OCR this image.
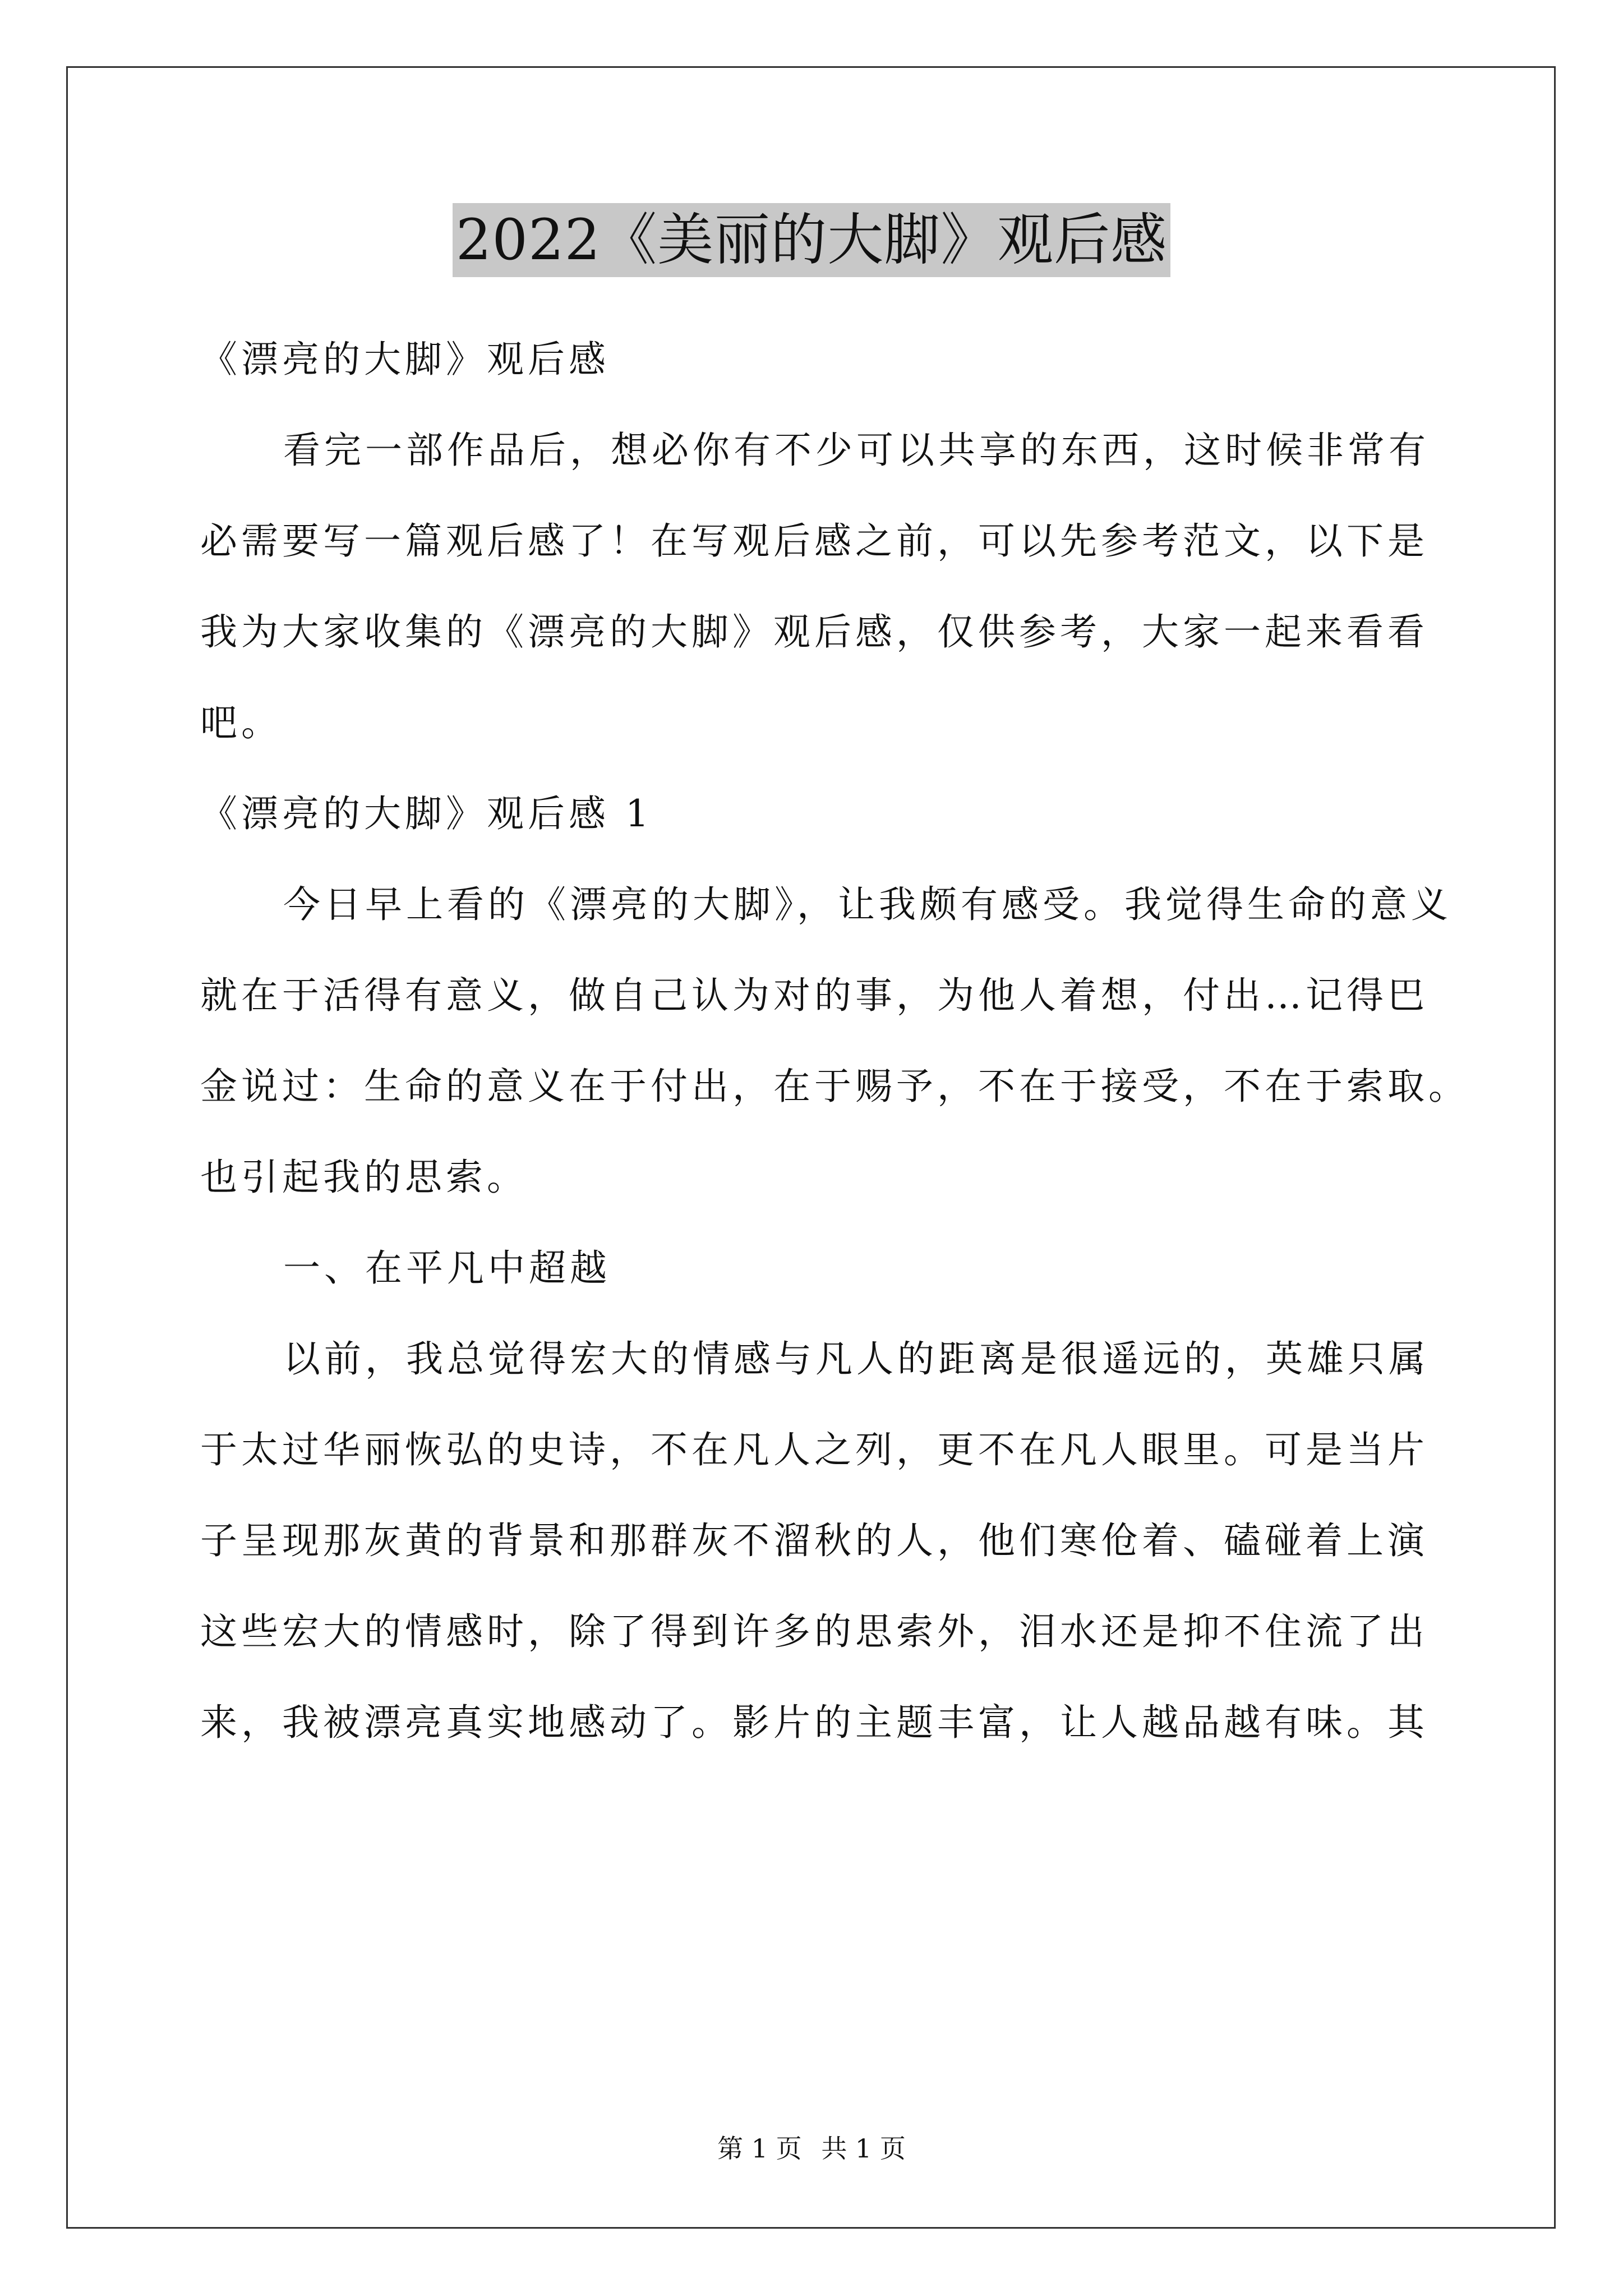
2022《美丽的大脚》观后感
《漂亮的大脚》观后感
看完一部作品后，想必你有不少可以共享的东西，这时候非常有
必需要写一篇观后感了！在写观后感之前，可以先参考范文，以下是
我为大家收集的《漂亮的大脚》观后感，仅供参考，大家一起来看看
吧。
《漂亮的大脚》观后感 1
今日早上看的《漂亮的大脚》，让我颇有感受。我觉得生命的意义
就在于活得有意义，做自己认为对的事，为他人着想，付出…记得巴
金说过：生命的意义在于付出，在于赐予，不在于接受，不在于索取。
也引起我的思索。
一、在平凡中超越
以前，我总觉得宏大的情感与凡人的距离是很遥远的，英雄只属
于太过华丽恢弘的史诗，不在凡人之列，更不在凡人眼里。可是当片
子呈现那灰黄的背景和那群灰不溜秋的人，他们寒伧着、磕碰着上演
这些宏大的情感时，除了得到许多的思索外，泪水还是抑不住流了出
来，我被漂亮真实地感动了。影片的主题丰富，让人越品越有味。其
第 1 页 共 1 页
